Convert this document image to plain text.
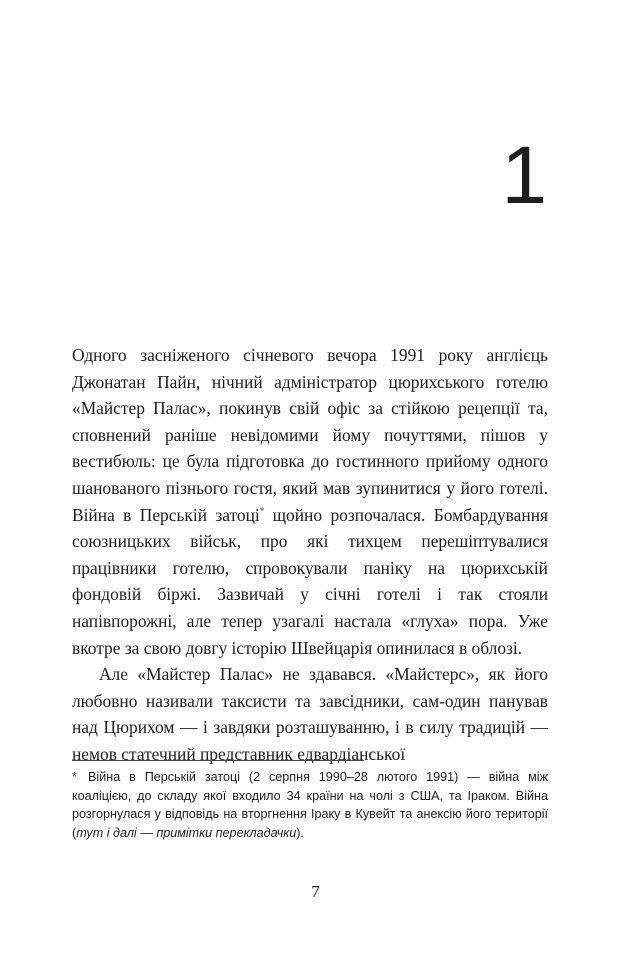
1

Одного засніженого січневого вечора 1991 року англієць Джонатан Пайн, нічний адміністратор цюрихського готелю «Майстер Палас», покинув свій офіс за стійкою рецепції та, сповнений раніше невідомими йому почуттями, пішов у вестибюль: це була підготовка до гостинного прийому одного шанованого пізнього гостя, який мав зупинитися у його готелі. Війна в Перській затоці* щойно розпочалася. Бомбардування союзницьких військ, про які тихцем перешіптувалися працівники готелю, спровокували паніку на цюрихській фондовій біржі. Зазвичай у січні готелі і так стояли напівпорожні, але тепер узагалі настала «глуха» пора. Уже вкотре за свою довгу історію Швейцарія опинилася в облозі.

Але «Майстер Палас» не здавався. «Майстерс», як його любовно називали таксисти та завсідники, сам-один панував над Цюрихом — і завдяки розташуванню, і в силу традицій — немов статечний представник едвардіанської

* Війна в Перській затоці (2 серпня 1990–28 лютого 1991) — війна між коаліцією, до складу якої входило 34 країни на чолі з США, та Іраком. Війна розгорнулася у відповідь на вторгнення Іраку в Кувейт та анексію його території (тут і далі — примітки перекладачки).

7
